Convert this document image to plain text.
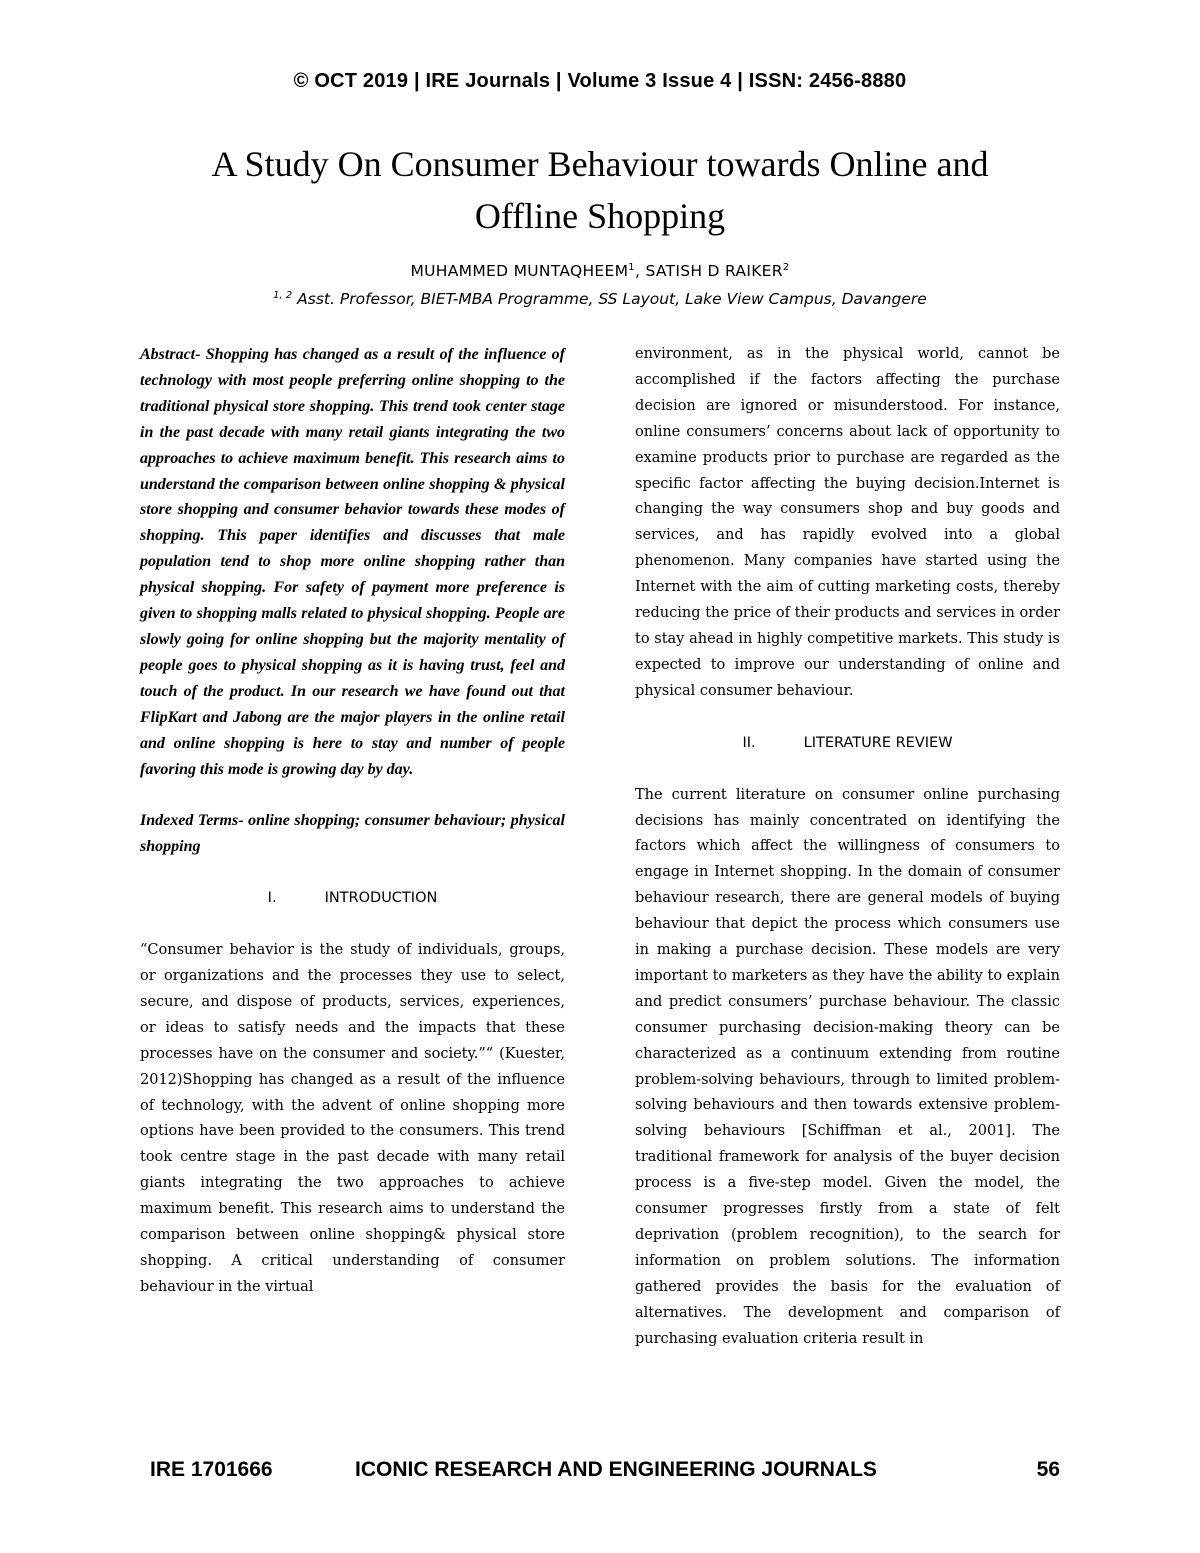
© OCT 2019 | IRE Journals | Volume 3 Issue 4 | ISSN: 2456-8880
A Study On Consumer Behaviour towards Online and
Offline Shopping
MUHAMMED MUNTAQHEEM$^1$, SATISH D RAIKER$^2$
$^{1, 2}$ Asst. Professor, BIET-MBA Programme, SS Layout, Lake View Campus, Davangere

Abstract- Shopping has changed as a result of the influence of technology with most people preferring online shopping to the traditional physical store shopping. This trend took center stage in the past decade with many retail giants integrating the two approaches to achieve maximum benefit. This research aims to understand the comparison between online shopping & physical store shopping and consumer behavior towards these modes of shopping. This paper identifies and discusses that male population tend to shop more online shopping rather than physical shopping. For safety of payment more preference is given to shopping malls related to physical shopping. People are slowly going for online shopping but the majority mentality of people goes to physical shopping as it is having trust, feel and touch of the product. In our research we have found out that FlipKart and Jabong are the major players in the online retail and online shopping is here to stay and number of people favoring this mode is growing day by day.

Indexed Terms- online shopping; consumer behaviour; physical shopping

I.	INTRODUCTION

“Consumer behavior is the study of individuals, groups, or organizations and the processes they use to select, secure, and dispose of products, services, experiences, or ideas to satisfy needs and the impacts that these processes have on the consumer and society.”“ (Kuester, 2012)Shopping has changed as a result of the influence of technology, with the advent of online shopping more options have been provided to the consumers. This trend took centre stage in the past decade with many retail giants integrating the two approaches to achieve maximum benefit. This research aims to understand the comparison between online shopping& physical store shopping. A critical understanding of consumer behaviour in the virtual

environment, as in the physical world, cannot be accomplished if the factors affecting the purchase decision are ignored or misunderstood. For instance, online consumers’ concerns about lack of opportunity to examine products prior to purchase are regarded as the specific factor affecting the buying decision.Internet is changing the way consumers shop and buy goods and services, and has rapidly evolved into a global phenomenon. Many companies have started using the Internet with the aim of cutting marketing costs, thereby reducing the price of their products and services in order to stay ahead in highly competitive markets. This study is expected to improve our understanding of online and physical consumer behaviour.

II.	LITERATURE REVIEW

The current literature on consumer online purchasing decisions has mainly concentrated on identifying the factors which affect the willingness of consumers to engage in Internet shopping. In the domain of consumer behaviour research, there are general models of buying behaviour that depict the process which consumers use in making a purchase decision. These models are very important to marketers as they have the ability to explain and predict consumers’ purchase behaviour. The classic consumer purchasing decision-making theory can be characterized as a continuum extending from routine problem-solving behaviours, through to limited problem-solving behaviours and then towards extensive problem-solving behaviours [Schiffman et al., 2001]. The traditional framework for analysis of the buyer decision process is a five-step model. Given the model, the consumer progresses firstly from a state of felt deprivation (problem recognition), to the search for information on problem solutions. The information gathered provides the basis for the evaluation of alternatives. The development and comparison of purchasing evaluation criteria result in

IRE 1701666	ICONIC RESEARCH AND ENGINEERING JOURNALS	56
